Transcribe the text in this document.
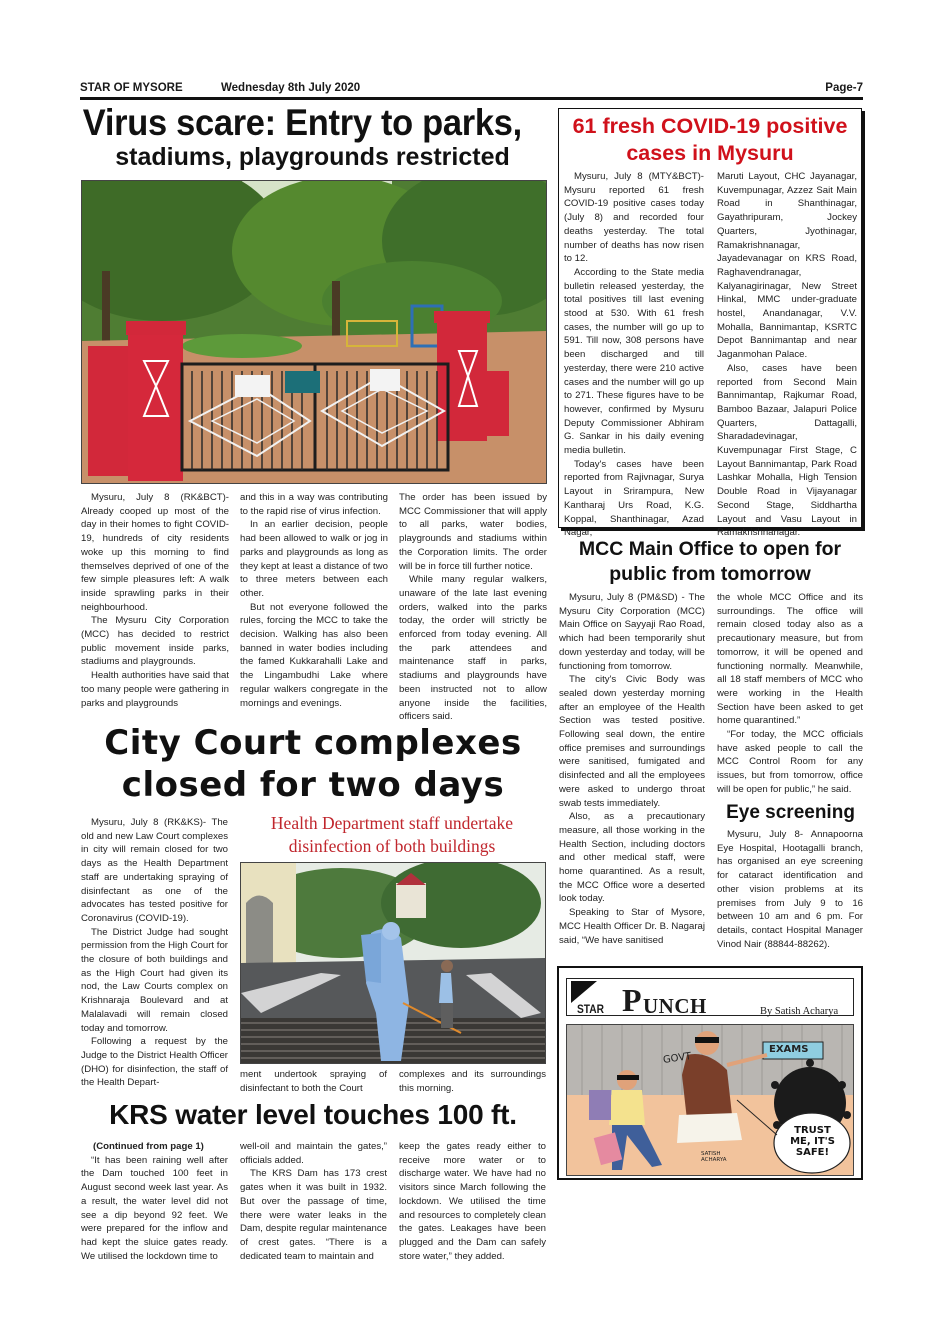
STAR OF MYSORE	Wednesday 8th July 2020	Page-7
Virus scare: Entry to parks,
stadiums, playgrounds restricted

Mysuru, July 8 (RK&BCT)- Already cooped up most of the day in their homes to fight COVID-19, hundreds of city residents woke up this morning to find themselves deprived of one of the few simple pleasures left: A walk inside sprawling parks in their neighbourhood.

The Mysuru City Corporation (MCC) has decided to restrict public movement inside parks, stadiums and playgrounds.

Health authorities have said that too many people were gathering in parks and playgrounds

and this in a way was contributing to the rapid rise of virus infection.

In an earlier decision, people had been allowed to walk or jog in parks and playgrounds as long as they kept at least a distance of two to three meters between each other.

But not everyone followed the rules, forcing the MCC to take the decision. Walking has also been banned in water bodies including the famed Kukkarahalli Lake and the Lingambudhi Lake where regular walkers congregate in the mornings and evenings.

The order has been issued by MCC Commissioner that will apply to all parks, water bodies, playgrounds and stadiums within the Corporation limits. The order will be in force till further notice.

While many regular walkers, unaware of the late last evening orders, walked into the parks today, the order will strictly be enforced from today evening. All the park attendees and maintenance staff in parks, stadiums and playgrounds have been instructed not to allow anyone inside the facilities, officers said.

61 fresh COVID-19 positive cases in Mysuru

Mysuru, July 8 (MTY&BCT)- Mysuru reported 61 fresh COVID-19 positive cases today (July 8) and recorded four deaths yesterday. The total number of deaths has now risen to 12.

According to the State media bulletin released yesterday, the total positives till last evening stood at 530. With 61 fresh cases, the number will go up to 591. Till now, 308 persons have been discharged and till yesterday, there were 210 active cases and the number will go up to 271. These figures have to be however, confirmed by Mysuru Deputy Commissioner Abhiram G. Sankar in his daily evening media bulletin.

Today's cases have been reported from Rajivnagar, Surya Layout in Srirampura, New Kantharaj Urs Road, K.G. Koppal, Shanthinagar, Azad Nagar,

Maruti Layout, CHC Jayanagar, Kuvempunagar, Azzez Sait Main Road in Shanthinagar, Gayathripuram, Jockey Quarters, Jyothinagar, Ramakrishnanagar, Jayadevanagar on KRS Road, Raghavendranagar, Kalyanagirinagar, New Street Hinkal, MMC under-graduate hostel, Anandanagar, V.V. Mohalla, Bannimantap, KSRTC Depot Bannimantap and near Jaganmohan Palace.

Also, cases have been reported from Second Main Bannimantap, Rajkumar Road, Bamboo Bazaar, Jalapuri Police Quarters, Dattagalli, Sharadadevinagar, Kuvempunagar First Stage, C Layout Bannimantap, Park Road Lashkar Mohalla, High Tension Double Road in Vijayanagar Second Stage, Siddhartha Layout and Vasu Layout in Ramakrishnanagar.

MCC Main Office to open for public from tomorrow

Mysuru, July 8 (PM&SD) - The Mysuru City Corporation (MCC) Main Office on Sayyaji Rao Road, which had been temporarily shut down yesterday and today, will be functioning from tomorrow.

The city's Civic Body was sealed down yesterday morning after an employee of the Health Section was tested positive. Following seal down, the entire office premises and surroundings were sanitised, fumigated and disinfected and all the employees were asked to undergo throat swab tests immediately.

Also, as a precautionary measure, all those working in the Health Section, including doctors and other medical staff, were home quarantined. As a result, the MCC Office wore a deserted look today.

Speaking to Star of Mysore, MCC Health Officer Dr. B. Nagaraj said, “We have sanitised

the whole MCC Office and its surroundings. The office will remain closed today also as a precautionary measure, but from tomorrow, it will be opened and functioning normally. Meanwhile, all 18 staff members of MCC who were working in the Health Section have been asked to get home quarantined.”

“For today, the MCC officials have asked people to call the MCC Control Room for any issues, but from tomorrow, office will be open for public,” he said.

Eye screening

Mysuru, July 8- Annapoorna Eye Hospital, Hootagalli branch, has organised an eye screening for cataract identification and other vision problems at its premises from July 9 to 16 between 10 am and 6 pm. For details, contact Hospital Manager Vinod Nair (88844-88262).

City Court complexes
closed for two days
Health Department staff undertake disinfection of both buildings

Mysuru, July 8 (RK&KS)- The old and new Law Court complexes in city will remain closed for two days as the Health Department staff are undertaking spraying of disinfectant as one of the advocates has tested positive for Coronavirus (COVID-19).

The District Judge had sought permission from the High Court for the closure of both buildings and as the High Court had given its nod, the Law Courts complex on Krishnaraja Boulevard and at Malalavadi will remain closed today and tomorrow.

Following a request by the Judge to the District Health Officer (DHO) for disinfection, the staff of the Health Depart-

ment undertook spraying of disinfectant to both the Court

complexes and its surroundings this morning.

KRS water level touches 100 ft.
(Continued from page 1)

“It has been raining well after the Dam touched 100 feet in August second week last year. As a result, the water level did not see a dip beyond 92 feet. We were prepared for the inflow and had kept the sluice gates ready. We utilised the lockdown time to

well-oil and maintain the gates,” officials added.

The KRS Dam has 173 crest gates when it was built in 1932. But over the passage of time, there were water leaks in the Dam, despite regular maintenance of crest gates. “There is a dedicated team to maintain and

keep the gates ready either to receive more water or to discharge water. We have had no visitors since March following the lockdown. We utilised the time and resources to completely clean the gates. Leakages have been plugged and the Dam can safely store water,” they added.

STAR P UNCH	By Satish Acharya
EXAMS
GOVT
TRUST ME, IT'S SAFE!
SATISH ACHARYA
